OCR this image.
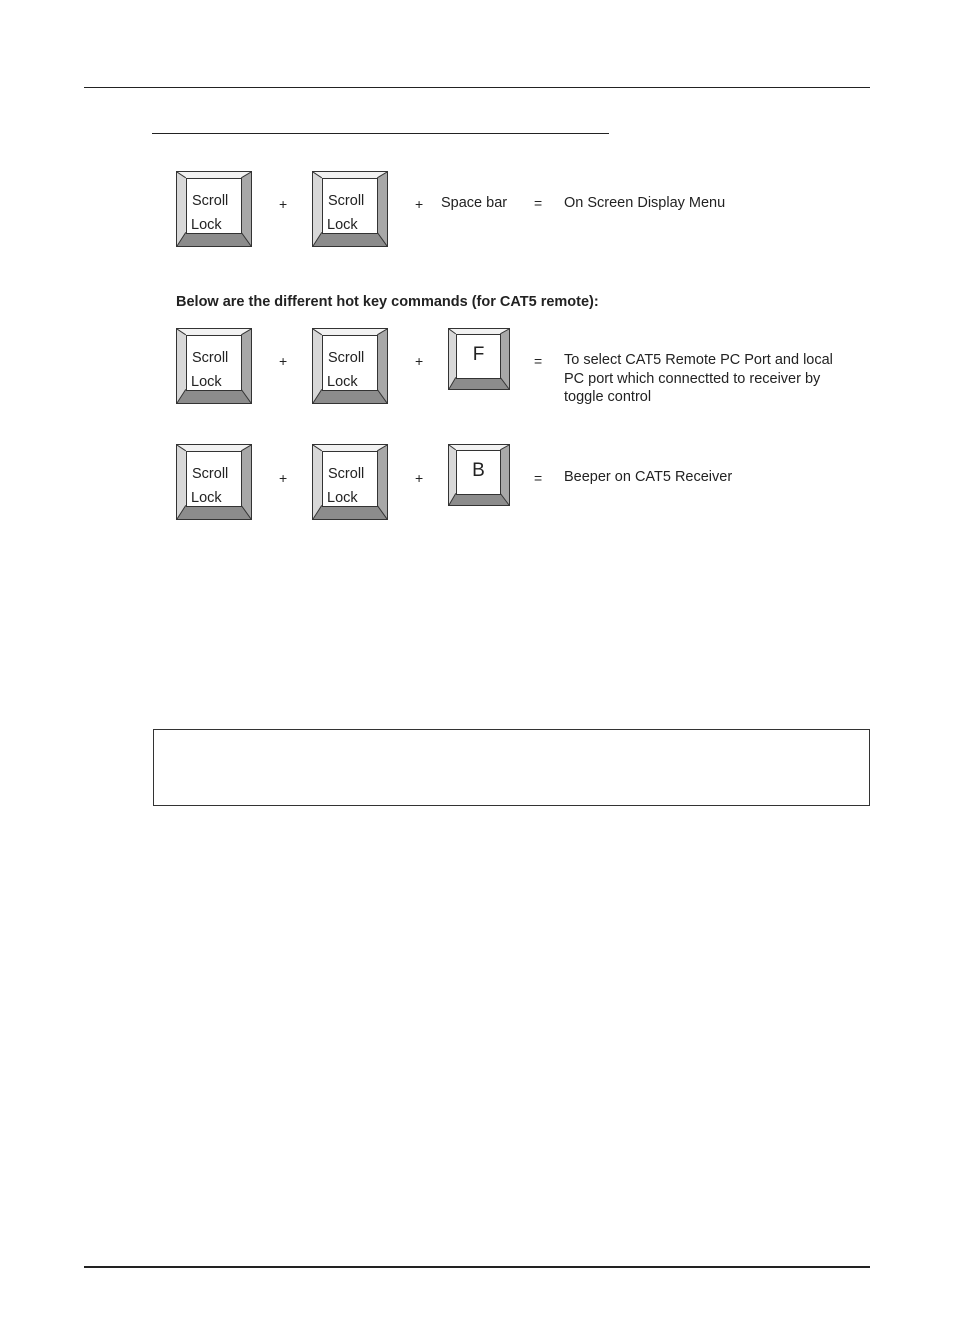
Scroll
Lock
+	Scroll
Lock
+ Space bar = On Screen Display Menu
Below are the different hot key commands (for CAT5 remote):
Scroll
Lock
+	Scroll
Lock
+	F	= To select CAT5 Remote PC Port and local
PC port which connectted to receiver by
toggle control
Scroll
Lock
+	Scroll
Lock
+	B	= Beeper on CAT5 Receiver
